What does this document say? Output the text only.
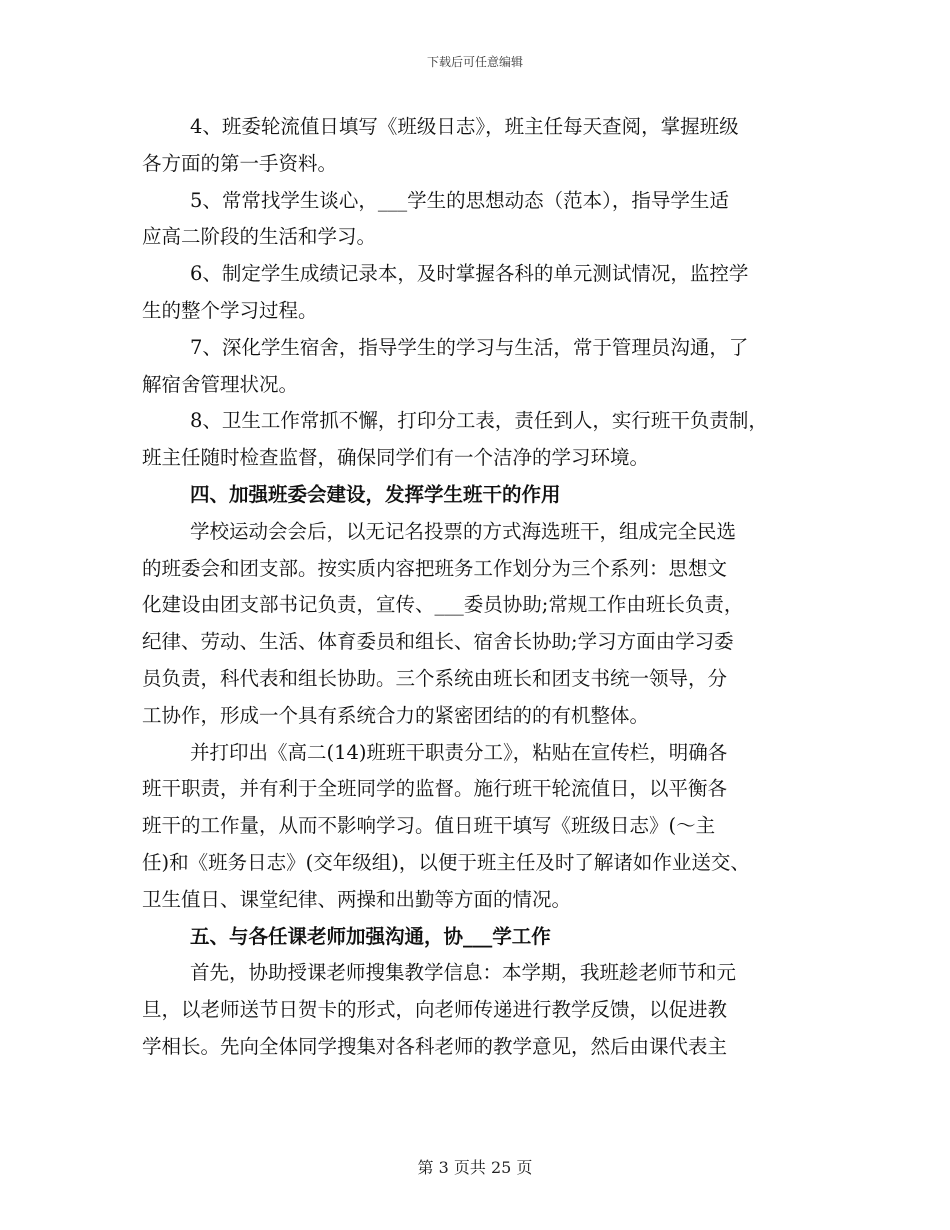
下载后可任意编辑
4、班委轮流值日填写《班级日志》，班主任每天查阅，掌握班级
各方面的第一手资料。
5、常常找学生谈心，___学生的思想动态（范本），指导学生适
应高二阶段的生活和学习。
6、制定学生成绩记录本，及时掌握各科的单元测试情况，监控学
生的整个学习过程。
7、深化学生宿舍，指导学生的学习与生活，常于管理员沟通，了
解宿舍管理状况。
8、卫生工作常抓不懈，打印分工表，责任到人，实行班干负责制，
班主任随时检查监督，确保同学们有一个洁净的学习环境。
四、加强班委会建设，发挥学生班干的作用
学校运动会会后，以无记名投票的方式海选班干，组成完全民选
的班委会和团支部。按实质内容把班务工作划分为三个系列：思想文
化建设由团支部书记负责，宣传、___委员协助;常规工作由班长负责，
纪律、劳动、生活、体育委员和组长、宿舍长协助;学习方面由学习委
员负责，科代表和组长协助。三个系统由班长和团支书统一领导，分
工协作，形成一个具有系统合力的紧密团结的的有机整体。
并打印出《高二(14)班班干职责分工》，粘贴在宣传栏，明确各
班干职责，并有利于全班同学的监督。施行班干轮流值日，以平衡各
班干的工作量，从而不影响学习。值日班干填写《班级日志》(～主
任)和《班务日志》(交年级组)，以便于班主任及时了解诸如作业送交、
卫生值日、课堂纪律、两操和出勤等方面的情况。
五、与各任课老师加强沟通，协___学工作
首先，协助授课老师搜集教学信息：本学期，我班趁老师节和元
旦，以老师送节日贺卡的形式，向老师传递进行教学反馈，以促进教
学相长。先向全体同学搜集对各科老师的教学意见，然后由课代表主
第 3 页共 25 页
